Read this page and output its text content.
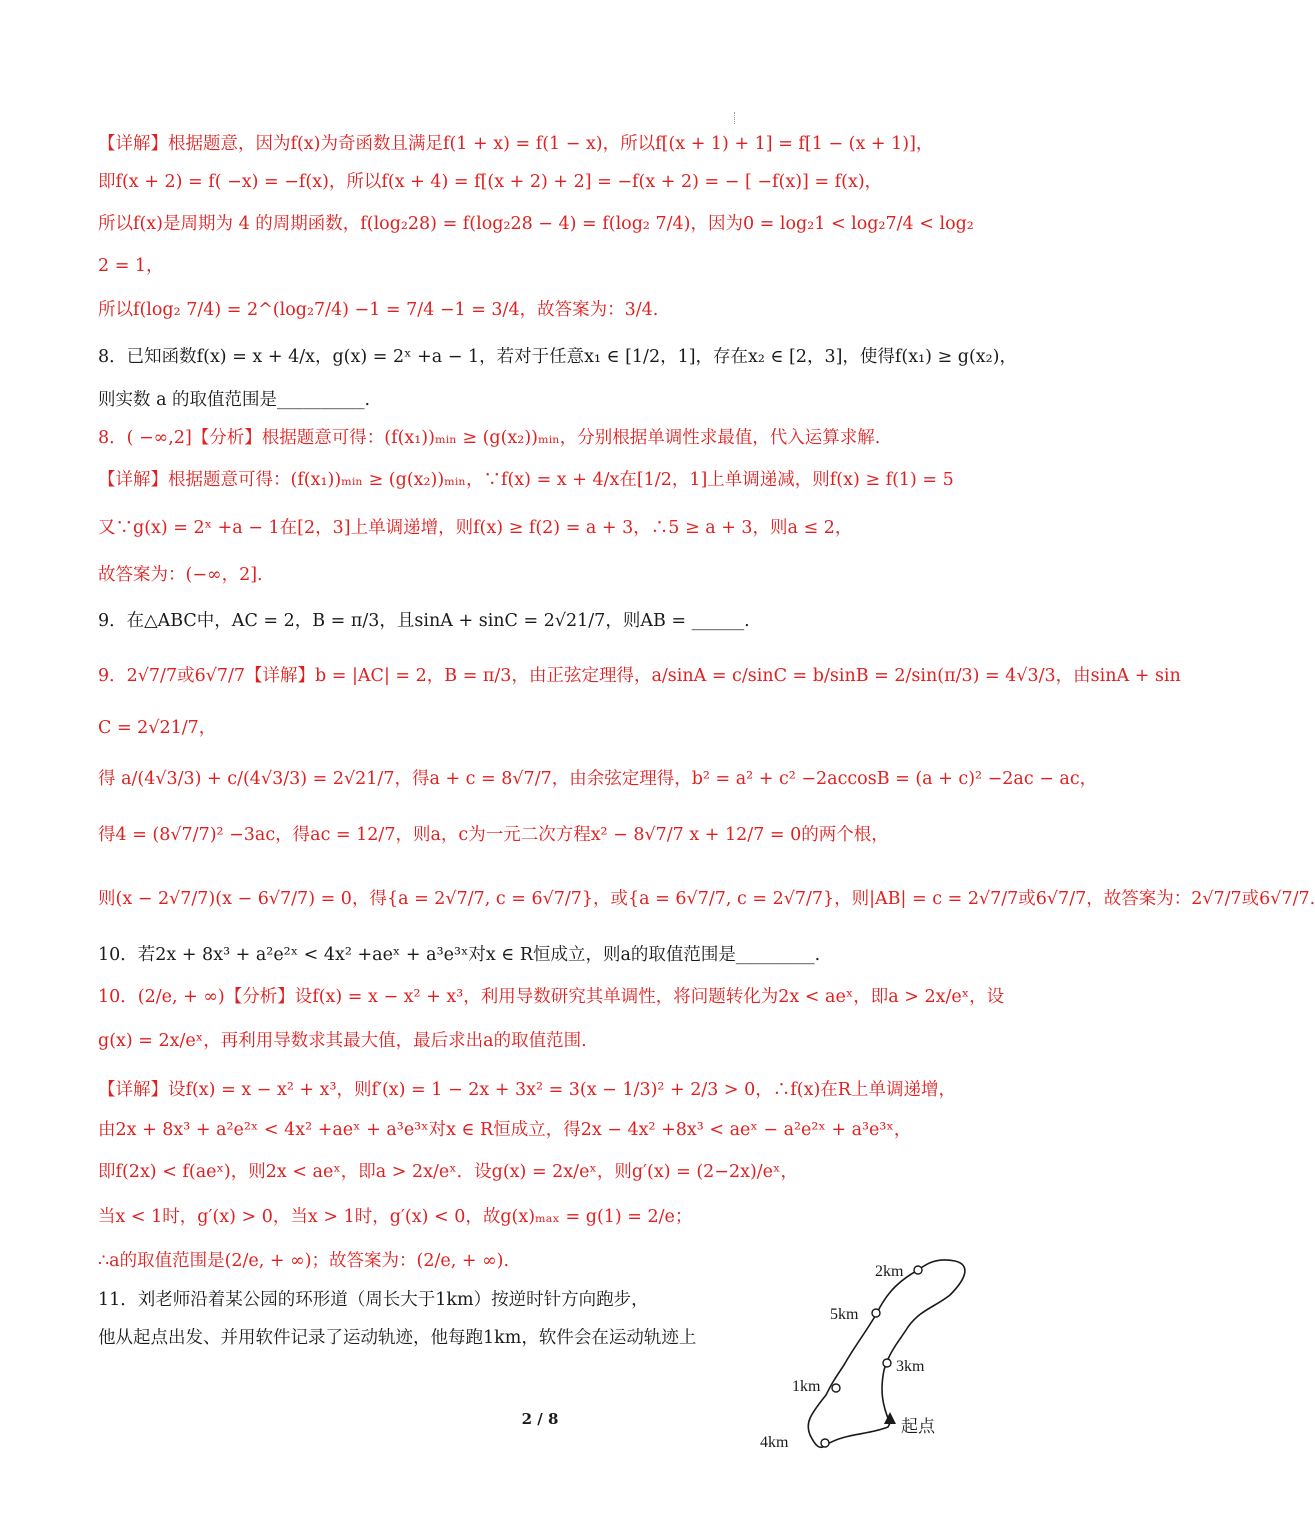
【详解】根据题意，因为f(x)为奇函数且满足f(1 + x) = f(1 − x)，所以f[(x + 1) + 1] = f[1 − (x + 1)]，
即f(x + 2) = f( −x) = −f(x)，所以f(x + 4) = f[(x + 2) + 2] = −f(x + 2) = − [ −f(x)] = f(x)，
所以f(x)是周期为 4 的周期函数，f(log₂28) = f(log₂28 − 4) = f(log₂ 7/4)，因为0 = log₂1 < log₂7/4 < log₂
2 = 1，
所以f(log₂ 7/4) = 2^(log₂7/4) −1 = 7/4 −1 = 3/4，故答案为：3/4.
8．已知函数f(x) = x + 4/x，g(x) = 2ˣ +a − 1，若对于任意x₁ ∈ [1/2，1]，存在x₂ ∈ [2，3]，使得f(x₁) ≥ g(x₂)，
则实数 a 的取值范围是__________.
8．( −∞,2]【分析】根据题意可得：(f(x₁))ₘᵢₙ ≥ (g(x₂))ₘᵢₙ，分别根据单调性求最值，代入运算求解.
【详解】根据题意可得：(f(x₁))ₘᵢₙ ≥ (g(x₂))ₘᵢₙ，∵f(x) = x + 4/x在[1/2，1]上单调递减，则f(x) ≥ f(1) = 5
又∵g(x) = 2ˣ +a − 1在[2，3]上单调递增，则f(x) ≥ f(2) = a + 3，∴5 ≥ a + 3，则a ≤ 2，
故答案为：(−∞，2].
9．在△ABC中，AC = 2，B = π/3，且sinA + sinC = 2√21/7，则AB = ______.
9．2√7/7或6√7/7【详解】b = |AC| = 2，B = π/3，由正弦定理得，a/sinA = c/sinC = b/sinB = 2/sin(π/3) = 4√3/3，由sinA + sin
C = 2√21/7，
得 a/(4√3/3) + c/(4√3/3) = 2√21/7，得a + c = 8√7/7，由余弦定理得，b² = a² + c² −2accosB = (a + c)² −2ac − ac，
得4 = (8√7/7)² −3ac，得ac = 12/7，则a，c为一元二次方程x² − 8√7/7 x + 12/7 = 0的两个根，
则(x − 2√7/7)(x − 6√7/7) = 0，得{a = 2√7/7, c = 6√7/7}，或{a = 6√7/7, c = 2√7/7}，则|AB| = c = 2√7/7或6√7/7，故答案为：2√7/7或6√7/7.
10．若2x + 8x³ + a²e²ˣ < 4x² +aeˣ + a³e³ˣ对x ∈ R恒成立，则a的取值范围是_________.
10．(2/e, + ∞)【分析】设f(x) = x − x² + x³，利用导数研究其单调性，将问题转化为2x < aeˣ，即a > 2x/eˣ，设
g(x) = 2x/eˣ，再利用导数求其最大值，最后求出a的取值范围.
【详解】设f(x) = x − x² + x³，则f′(x) = 1 − 2x + 3x² = 3(x − 1/3)² + 2/3 > 0，∴f(x)在R上单调递增，
由2x + 8x³ + a²e²ˣ < 4x² +aeˣ + a³e³ˣ对x ∈ R恒成立，得2x − 4x² +8x³ < aeˣ − a²e²ˣ + a³e³ˣ，
即f(2x) < f(aeˣ)，则2x < aeˣ，即a > 2x/eˣ．设g(x) = 2x/eˣ，则g′(x) = (2−2x)/eˣ，
当x < 1时，g′(x) > 0，当x > 1时，g′(x) < 0，故g(x)ₘₐₓ = g(1) = 2/e；
∴a的取值范围是(2/e, + ∞)；故答案为：(2/e, + ∞).
11．刘老师沿着某公园的环形道（周长大于1km）按逆时针方向跑步，
他从起点出发、并用软件记录了运动轨迹，他每跑1km，软件会在运动轨迹上
2km
5km
3km
1km
4km
起点
2 / 8
